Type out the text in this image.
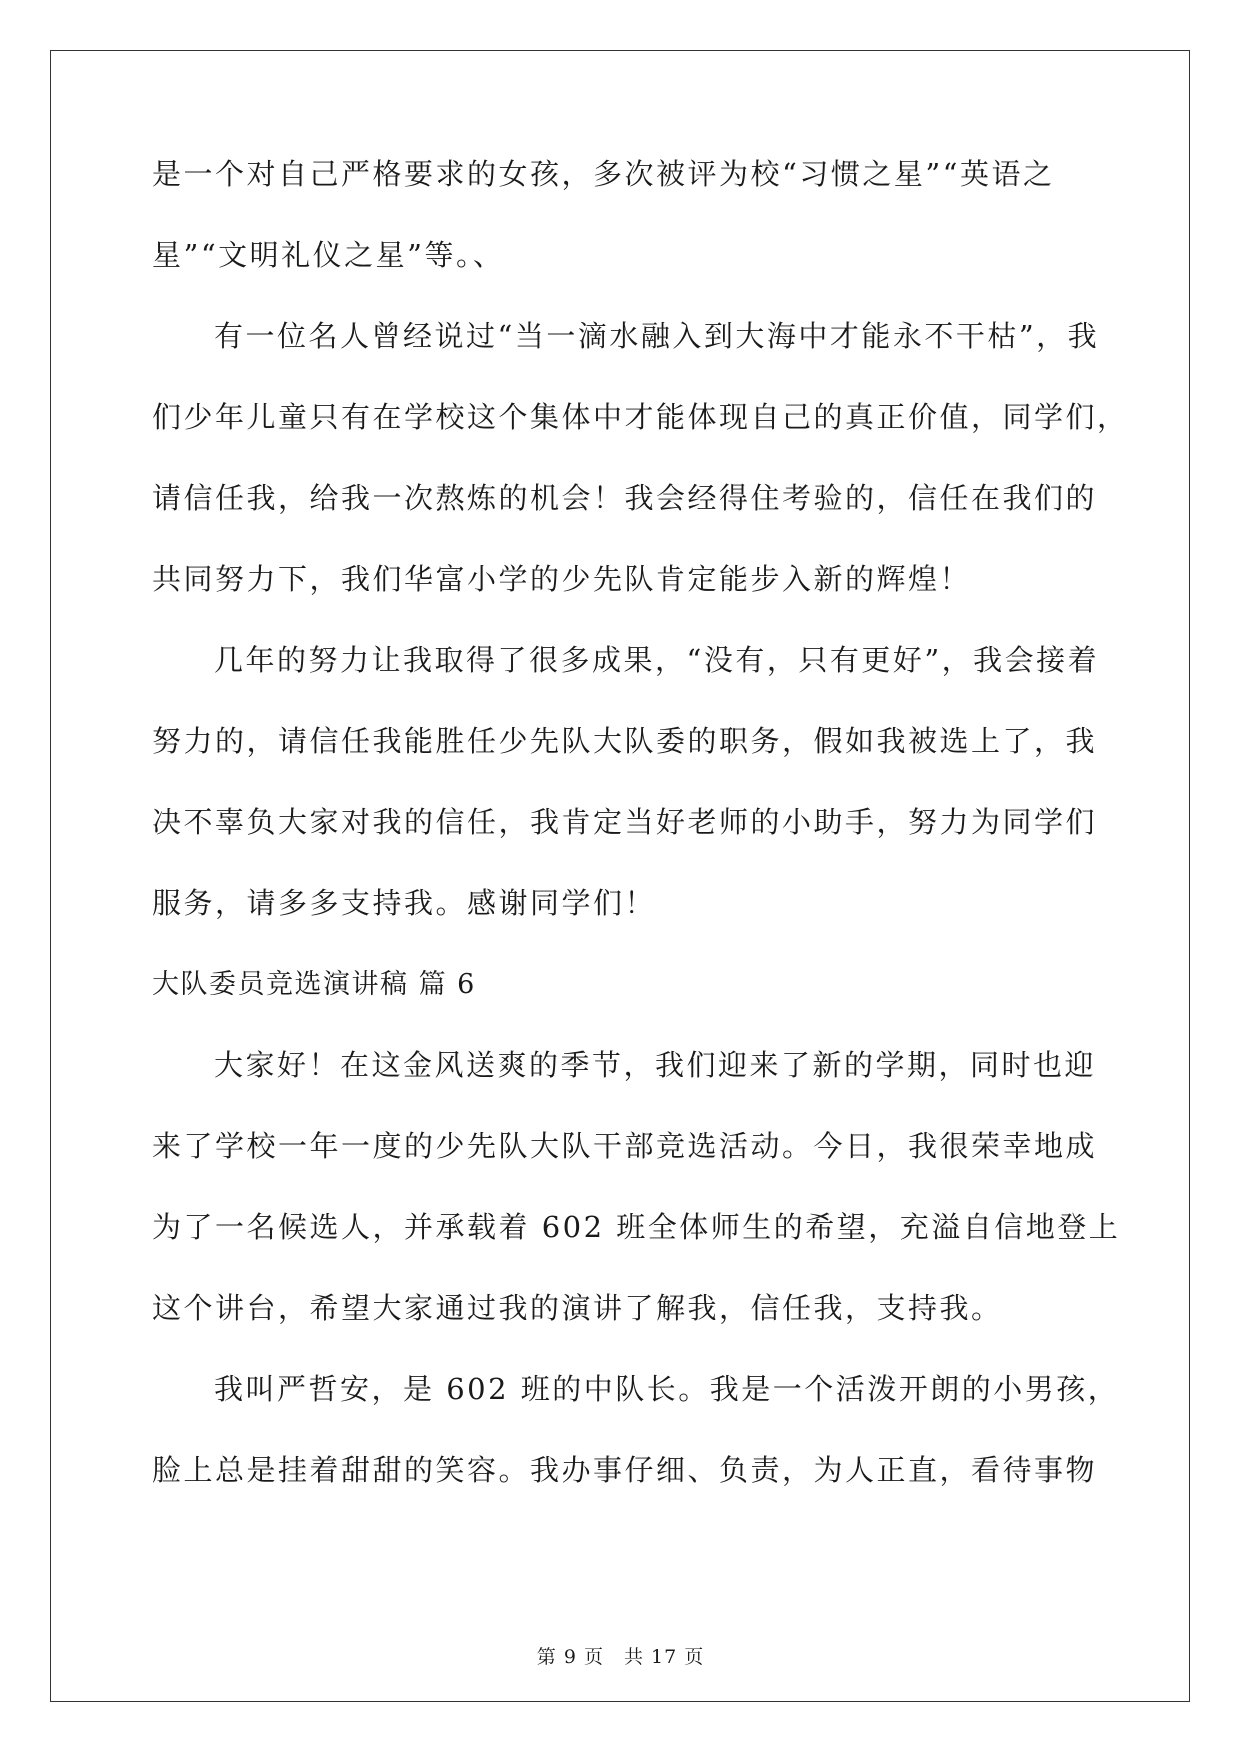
是一个对自己严格要求的女孩，多次被评为校“习惯之星”“英语之
星”“文明礼仪之星”等。、
有一位名人曾经说过“当一滴水融入到大海中才能永不干枯”，我
们少年儿童只有在学校这个集体中才能体现自己的真正价值，同学们，
请信任我，给我一次熬炼的机会！我会经得住考验的，信任在我们的
共同努力下，我们华富小学的少先队肯定能步入新的辉煌！
几年的努力让我取得了很多成果，“没有，只有更好”，我会接着
努力的，请信任我能胜任少先队大队委的职务，假如我被选上了，我
决不辜负大家对我的信任，我肯定当好老师的小助手，努力为同学们
服务，请多多支持我。感谢同学们！
大队委员竞选演讲稿 篇 6
大家好！在这金风送爽的季节，我们迎来了新的学期，同时也迎
来了学校一年一度的少先队大队干部竞选活动。今日，我很荣幸地成
为了一名候选人，并承载着 602 班全体师生的希望，充溢自信地登上
这个讲台，希望大家通过我的演讲了解我，信任我，支持我。
我叫严哲安，是 602 班的中队长。我是一个活泼开朗的小男孩，
脸上总是挂着甜甜的笑容。我办事仔细、负责，为人正直，看待事物
第 9 页 共 17 页
